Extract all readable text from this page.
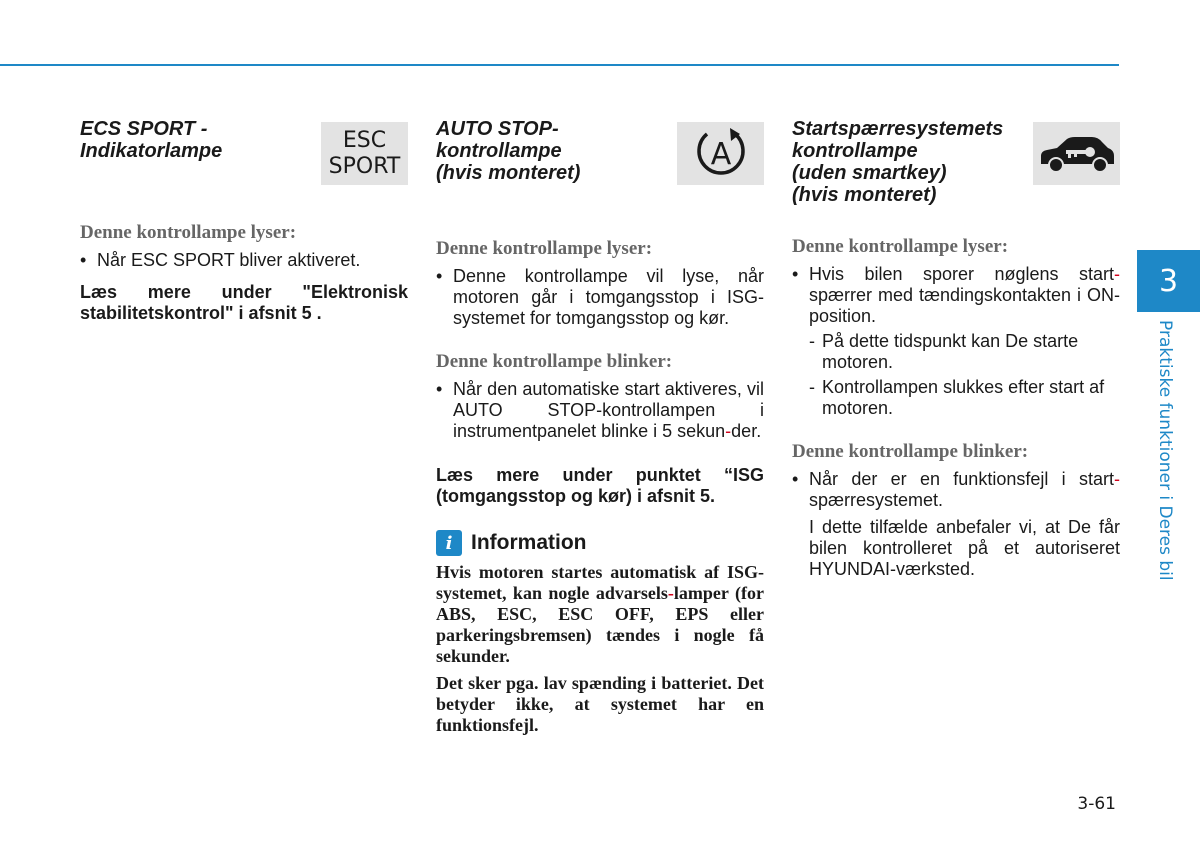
ECS SPORT -
Indikatorlampe	ESC
SPORT

Denne kontrollampe lyser:

• Når ESC SPORT bliver aktiveret.

Læs mere under "Elektronisk stabilitetskontrol" i afsnit 5 .

AUTO STOP-
kontrollampe
(hvis monteret)
A

Denne kontrollampe lyser:

• Denne kontrollampe vil lyse, når motoren går i tomgangsstop i ISG-systemet for tomgangsstop og kør.

Denne kontrollampe blinker:

• Når den automatiske start aktiveres, vil AUTO STOP-kontrollampen i instrumentpanelet blinke i 5 sekun-der.

Læs mere under punktet “ISG (tomgangsstop og kør) i afsnit 5.

i Information

Hvis motoren startes automatisk af ISG-systemet, kan nogle advarsels-lamper (for ABS, ESC, ESC OFF, EPS eller parkeringsbremsen) tændes i nogle få sekunder.

Det sker pga. lav spænding i batteriet. Det betyder ikke, at systemet har en funktionsfejl.

Startspærresystemets
kontrollampe
(uden smartkey)
(hvis monteret)

Denne kontrollampe lyser:

• Hvis bilen sporer nøglens start-spærrer med tændingskontakten i ON-position.

- På dette tidspunkt kan De starte motoren.

- Kontrollampen slukkes efter start af motoren.

Denne kontrollampe blinker:

• Når der er en funktionsfejl i start-spærresystemet.

I dette tilfælde anbefaler vi, at De får bilen kontrolleret på et autoriseret HYUNDAI-værksted.

3
Praktiske funktioner i Deres bil
3-61
